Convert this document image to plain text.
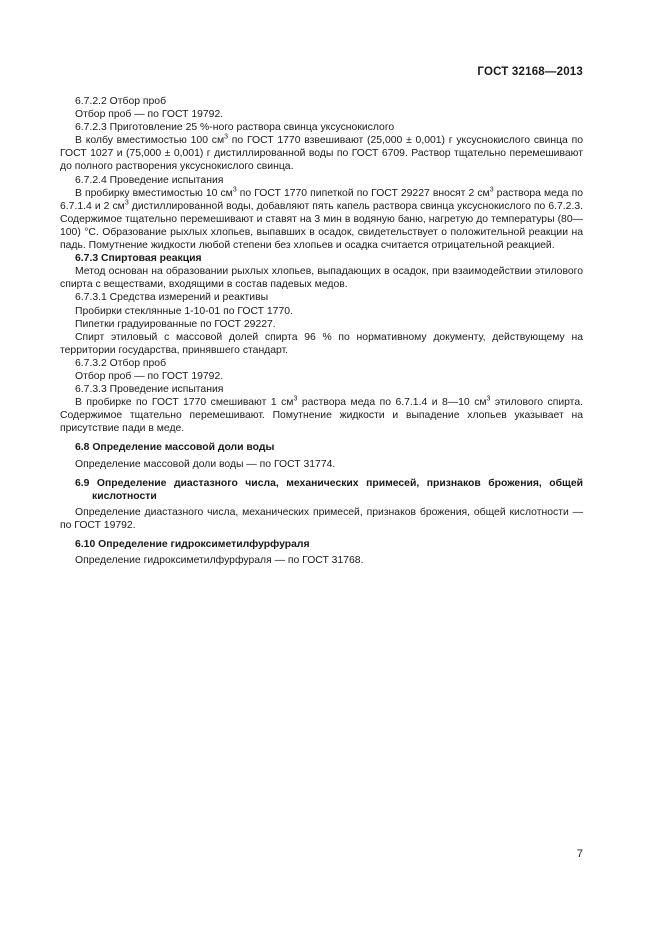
ГОСТ 32168—2013

6.7.2.2 Отбор проб

Отбор проб — по ГОСТ 19792.

6.7.2.3 Приготовление 25 %-ного раствора свинца уксуснокислого

В колбу вместимостью 100 $см^3$ по ГОСТ 1770 взвешивают (25,000 ± 0,001) г уксуснокислого свинца по ГОСТ 1027 и (75,000 ± 0,001) г дистиллированной воды по ГОСТ 6709. Раствор тщательно перемешивают до полного растворения уксуснокислого свинца.

6.7.2.4 Проведение испытания

В пробирку вместимостью 10 $см^3$ по ГОСТ 1770 пипеткой по ГОСТ 29227 вносят 2 $см^3$ раствора меда по 6.7.1.4 и 2 $см^3$ дистиллированной воды, добавляют пять капель раствора свинца уксуснокислого по 6.7.2.3. Содержимое тщательно перемешивают и ставят на 3 мин в водяную баню, нагретую до температуры (80—100) °С. Образование рыхлых хлопьев, выпавших в осадок, свидетельствует о положительной реакции на падь. Помутнение жидкости любой степени без хлопьев и осадка считается отрицательной реакцией.

6.7.3 Спиртовая реакция

Метод основан на образовании рыхлых хлопьев, выпадающих в осадок, при взаимодействии этилового спирта с веществами, входящими в состав падевых медов.

6.7.3.1 Средства измерений и реактивы

Пробирки стеклянные 1-10-01 по ГОСТ 1770.

Пипетки градуированные по ГОСТ 29227.

Спирт этиловый с массовой долей спирта 96 % по нормативному документу, действующему на территории государства, принявшего стандарт.

6.7.3.2 Отбор проб

Отбор проб — по ГОСТ 19792.

6.7.3.3 Проведение испытания

В пробирке по ГОСТ 1770 смешивают 1 $см^3$ раствора меда по 6.7.1.4 и 8—10 $см^3$ этилового спирта. Содержимое тщательно перемешивают. Помутнение жидкости и выпадение хлопьев указывает на присутствие пади в меде.

6.8 Определение массовой доли воды

Определение массовой доли воды — по ГОСТ 31774.

6.9 Определение диастазного числа, механических примесей, признаков брожения, общей кислотности

Определение диастазного числа, механических примесей, признаков брожения, общей кислотности — по ГОСТ 19792.

6.10 Определение гидроксиметилфурфураля

Определение гидроксиметилфурфураля — по ГОСТ 31768.

7
